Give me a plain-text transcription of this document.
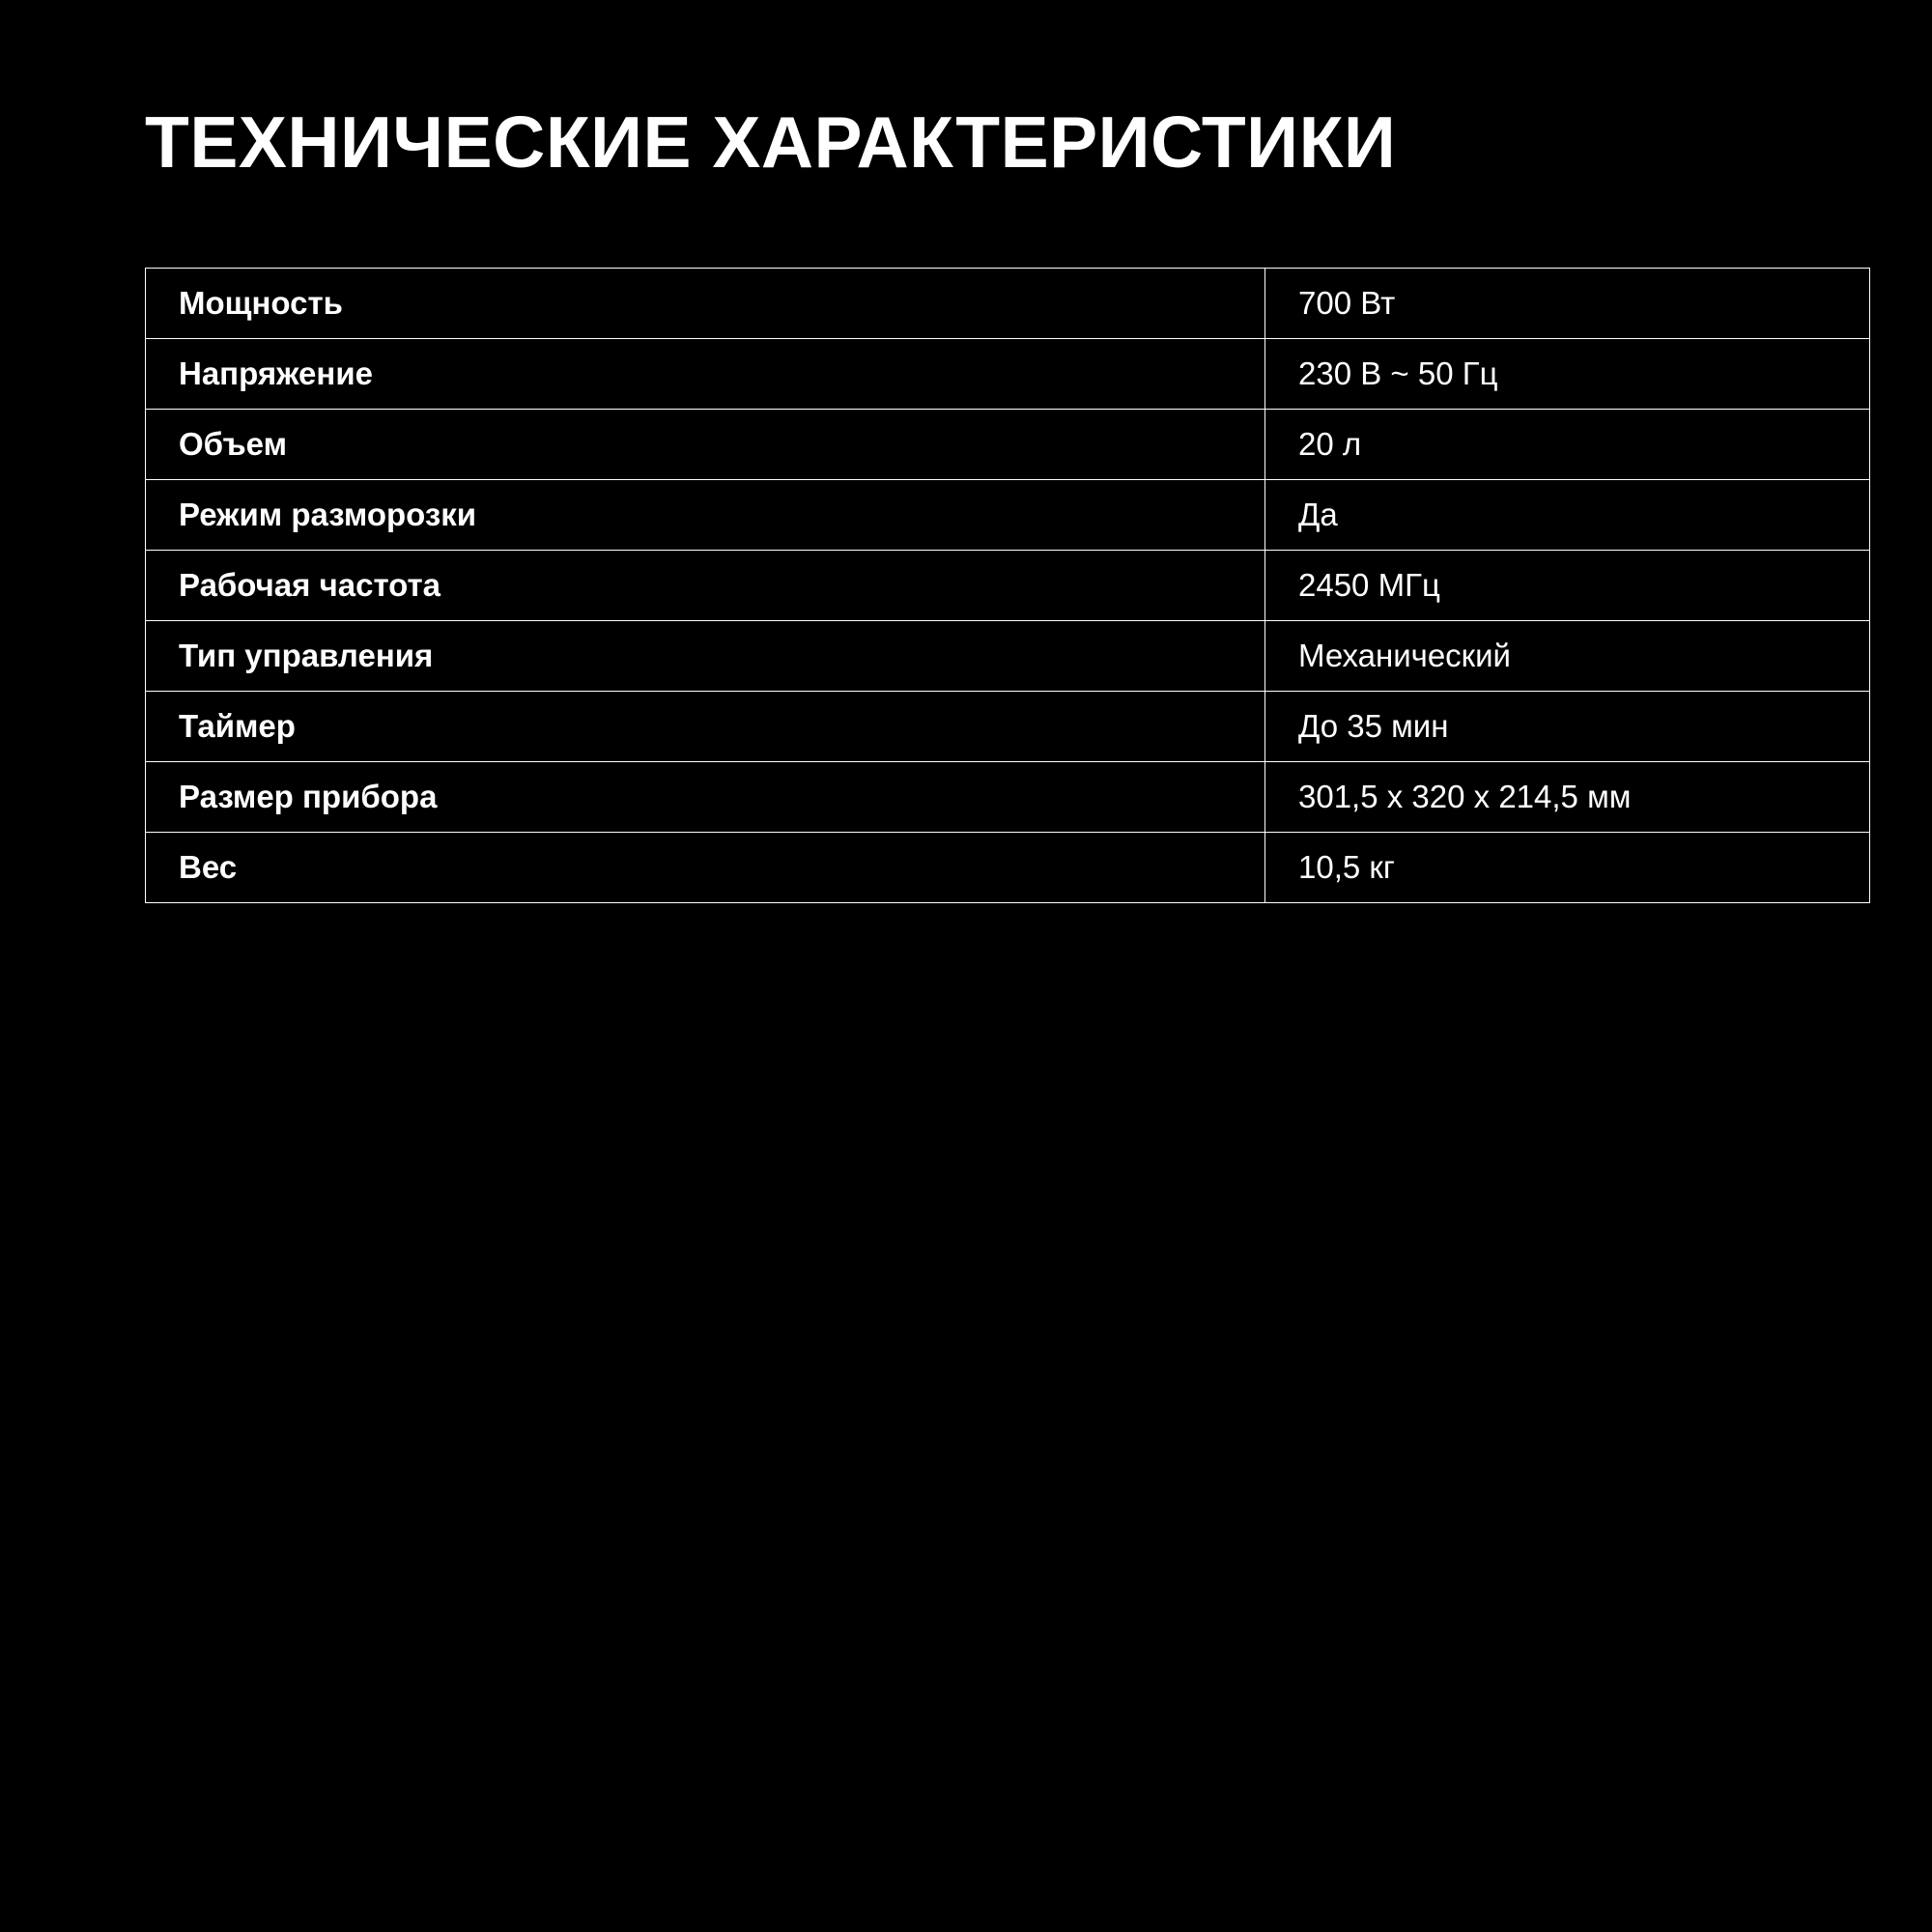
ТЕХНИЧЕСКИЕ ХАРАКТЕРИСТИКИ
Мощность	700 Вт
Напряжение	230 В ~ 50 Гц
Объем	20 л
Режим разморозки	Да
Рабочая частота	2450 МГц
Тип управления	Механический
Таймер	До 35 мин
Размер прибора	301,5 x 320 x 214,5 мм
Вес	10,5 кг
